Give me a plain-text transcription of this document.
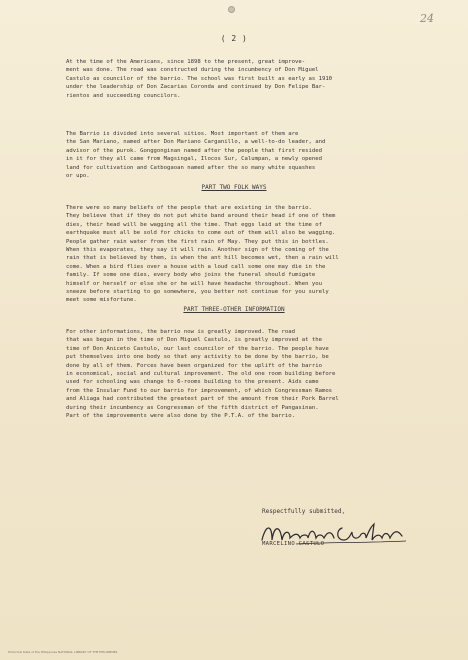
24
( 2 )
At the time of the Americans, since 1898 to the present, great improve-
ment was done. The road was constructed during the incumbency of Don Miguel
Castulo as councilor of the barrio. The school was first built as early as 1910
under the leadership of Don Zacarias Coronda and continued by Don Felipe Bar-
rientos and succeeding councilors.
The Barrio is divided into several sitios. Most important of them are
the San Mariano, named after Don Mariano Carganillo, a well-to-do leader, and
advisor of the purok. Gonggonginan named after the people that first resided
in it for they all came from Magsingal, Ilocos Sur, Calumpan, a newly opened
land for cultivation and Catbogaoan named after the so many white squashes
or upo.
PART TWO FOLK WAYS
There were so many beliefs of the people that are existing in the barrio.
They believe that if they do not put white band around their head if one of them
dies, their head will be wagging all the time. That eggs laid at the time of
earthquake must all be sold for chicks to come out of them will also be wagging.
People gather rain water from the first rain of May. They put this in bottles.
When this evaporates, they say it will rain. Another sign of the coming of the
rain that is believed by them, is when the ant hill becomes wet, then a rain will
come. When a bird flies over a house with a loud call some one may die in the
family. If some one dies, every body who joins the funeral should fumigate
himself or herself or else she or he will have headache throughout. When you
sneeze before starting to go somewhere, you better not continue for you surely
meet some misfortune.
PART THREE-OTHER INFORMATION
For other informations, the barrio now is greatly improved. The road
that was begun in the time of Don Miguel Castulo, is greatly improved at the
time of Don Aniceto Castulo, our last councilor of the barrio. The people have
put themselves into one body so that any activity to be done by the barrio, be
done by all of them. Forces have been organized for the uplift of the barrio
in economical, social and cultural improvement. The old one room building before
used for schooling was change to 6-rooms building to the present. Aids came
from the Insular Fund to our barrio for improvement, of which Congressman Ramos
and Aliaga had contributed the greatest part of the amount from their Pork Barrel
during their incumbency as Congressman of the fifth district of Pangasinan.
Part of the improvements were also done by the P.T.A. of the barrio.
Respectfully submitted,
MARCELINO CASTULO
Historical Data of the Philippines NATIONAL LIBRARY OF THE PHILIPPINES
